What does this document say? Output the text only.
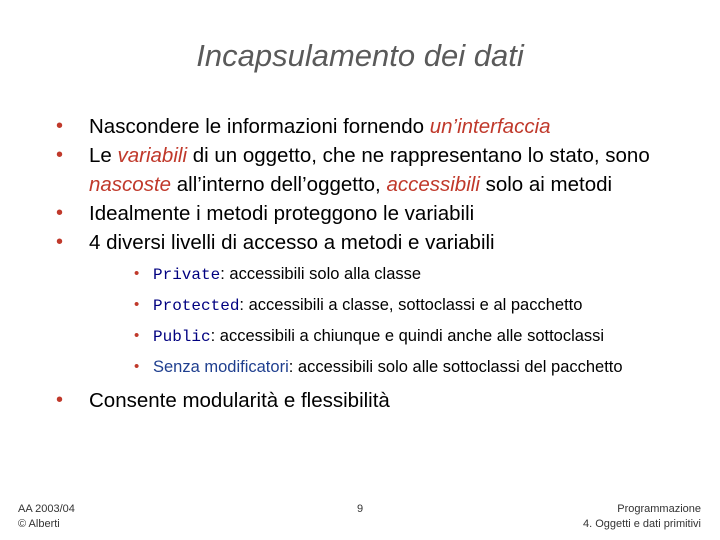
Incapsulamento dei dati
• Nascondere le informazioni fornendo un’interfaccia
• Le variabili di un oggetto, che ne rappresentano lo stato, sono nascoste all’interno dell’oggetto, accessibili solo ai metodi
• Idealmente i metodi proteggono le variabili
• 4 diversi livelli di accesso a metodi e variabili
• Private: accessibili solo alla classe
• Protected: accessibili a classe, sottoclassi e al pacchetto
• Public: accessibili a chiunque e quindi anche alle sottoclassi
• Senza modificatori: accessibili solo alle sottoclassi del pacchetto
• Consente modularità e flessibilità
AA 2003/04
© Alberti
9	Programmazione
4. Oggetti e dati primitivi
